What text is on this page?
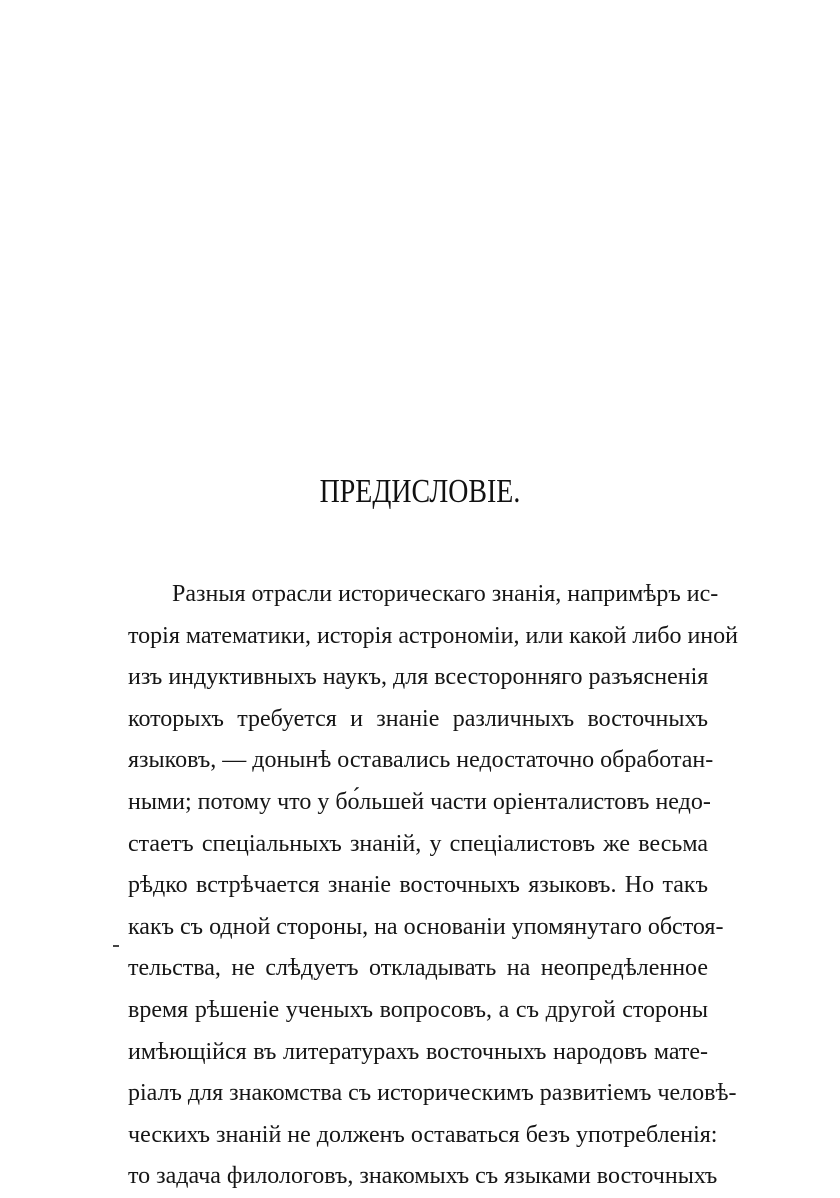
ПРЕДИСЛОВІЕ.
Разныя отрасли историческаго знанія, напримѣръ ис-
торія математики, исторія астрономіи, или какой либо иной
изъ индуктивныхъ наукъ, для всесторонняго разъясненія
которыхъ требуется и знаніе различныхъ восточныхъ
языковъ, — донынѣ оставались недостаточно обработан-
ными; потому что у бо́льшей части оріенталистовъ недо-
стаетъ спеціальныхъ знаній, у спеціалистовъ же весьма
рѣдко встрѣчается знаніе восточныхъ языковъ. Но такъ
какъ съ одной стороны, на основаніи упомянутаго обстоя-
тельства, не слѣдуетъ откладывать на неопредѣленное
время рѣшеніе ученыхъ вопросовъ, а съ другой стороны
имѣющійся въ литературахъ восточныхъ народовъ мате-
ріалъ для знакомства съ историческимъ развитіемъ человѣ-
ческихъ знаній не долженъ оставаться безъ употребленія:
то задача филологовъ, знакомыхъ съ языками восточныхъ
